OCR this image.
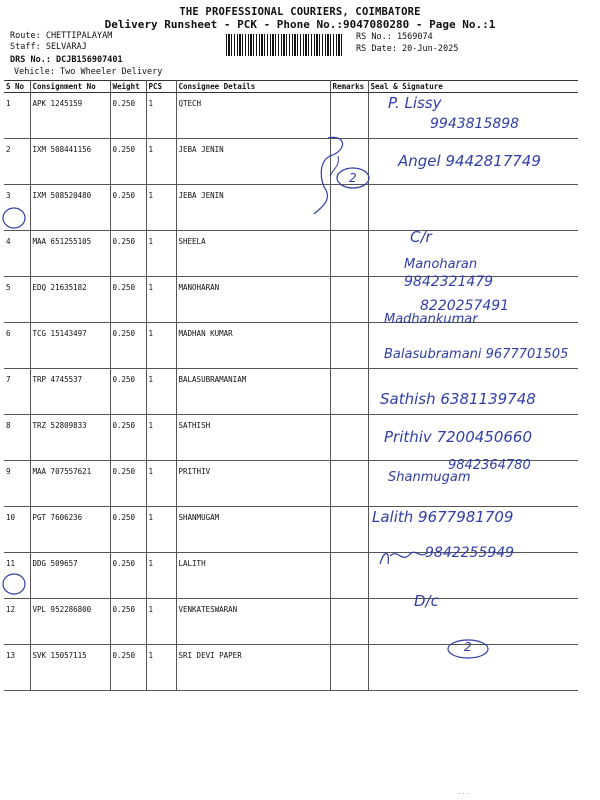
THE PROFESSIONAL COURIERS, COIMBATORE
Delivery Runsheet - PCK - Phone No.:9047080280 - Page No.:1
Route: CHETTIPALAYAM
Staff: SELVARAJ
DRS No.: DCJB156907401
Vehicle: Two Wheeler Delivery
RS No.: 1569074
RS Date: 20-Jun-2025
S No	Consignment No	Weight	PCS	Consignee Details	Remarks	Seal & Signature
1	APK 1245159	0.250	1	QTECH		
2	IXM 508441156	0.250	1	JEBA JENIN		
3	IXM 508520480	0.250	1	JEBA JENIN		
4	MAA 651255105	0.250	1	SHEELA		
5	EDQ 21635182	0.250	1	MANOHARAN		
6	TCG 15143497	0.250	1	MADHAN KUMAR		
7	TRP 4745537	0.250	1	BALASUBRAMANIAM		
8	TRZ 52809833	0.250	1	SATHISH		
9	MAA 707557621	0.250	1	PRITHIV		
10	PGT 7606236	0.250	1	SHANMUGAM		
11	DDG 509657	0.250	1	LALITH		
12	VPL 952286800	0.250	1	VENKATESWARAN		
13	SVK 15057115	0.250	1	SRI DEVI PAPER		
2
P. Lissy
9943815898
Angel 9442817749
C/r
Manoharan
9842321479
8220257491
Madhankumar
Balasubramani 9677701505
Sathish 6381139748
Prithiv 7200450660
9842364780
Shanmugam
Lalith 9677981709
9842255949
D/c
2
· · ·
